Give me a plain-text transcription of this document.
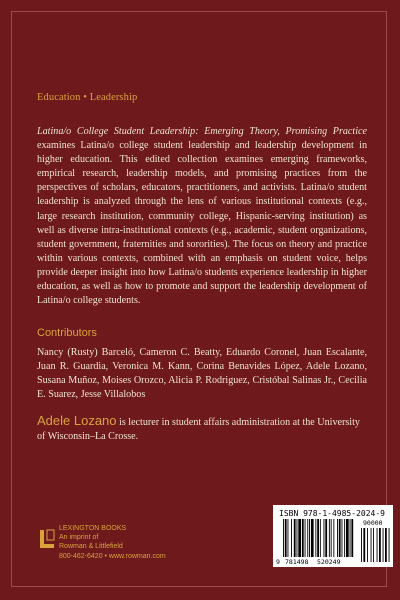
Education • Leadership
Latina/o College Student Leadership: Emerging Theory, Promising Practice examines Latina/o college student leadership and leadership development in higher education. This edited collection examines emerging frameworks, empirical research, leadership models, and promising practices from the perspectives of scholars, educators, practitioners, and activists. Latina/o student leadership is analyzed through the lens of various institutional contexts (e.g., large research institution, community college, Hispanic-serving institution) as well as diverse intra-institutional contexts (e.g., academic, student organizations, student government, fraternities and sororities). The focus on theory and practice within various contexts, combined with an emphasis on student voice, helps provide deeper insight into how Latina/o students experience leadership in higher education, as well as how to promote and support the leadership development of Latina/o college students.
Contributors
Nancy (Rusty) Barceló, Cameron C. Beatty, Eduardo Coronel, Juan Escalante, Juan R. Guardia, Veronica M. Kann, Corina Benavides López, Adele Lozano, Susana Muñoz, Moises Orozco, Alicia P. Rodriguez, Cristóbal Salinas Jr., Cecilia E. Suarez, Jesse Villalobos
Adele Lozano is lecturer in student affairs administration at the University of Wisconsin–La Crosse.
LEXINGTON BOOKS
An imprint of
Rowman & Littlefield
800-462-6420 • www.rowman.com
ISBN 978-1-4985-2024-9
9 781498 520249
90000
